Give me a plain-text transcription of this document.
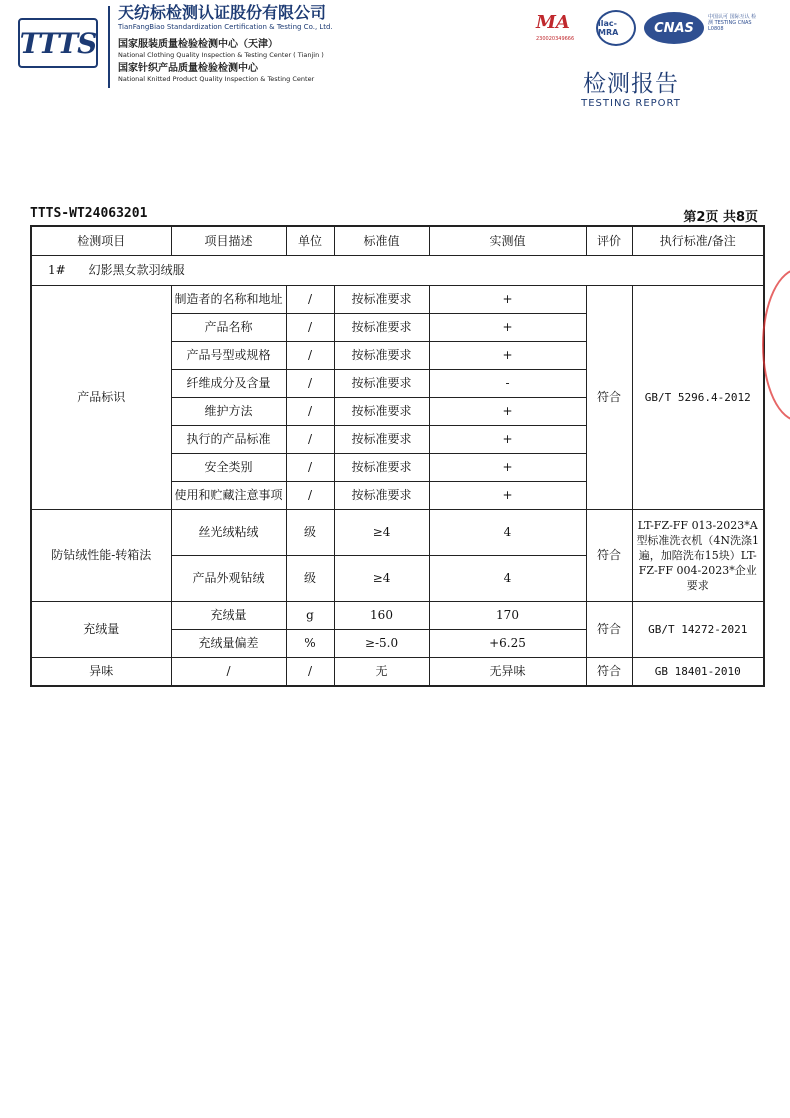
TTTS
天纺标检测认证股份有限公司
TianFangBiao Standardization Certification & Testing Co., Ltd.
国家服装质量检验检测中心（天津）
National Clothing Quality Inspection & Testing Center ( Tianjin )
国家针织产品质量检验检测中心
National Knitted Product Quality Inspection & Testing Center
MA
230020349666
ilac-MRA	CNAS
中国认可 国际互认 检测 TESTING CNAS L0808
检测报告
TESTING REPORT
TTTS-WT24063201	第2页 共8页
检测项目	项目描述	单位	标准值	实测值	评价	执行标准/备注
1#      幻影黑女款羽绒服						
产品标识	制造者的名称和地址	/	按标准要求	+	符合	GB/T 5296.4-2012
	产品名称	/	按标准要求	+		
	产品号型或规格	/	按标准要求	+		
	纤维成分及含量	/	按标准要求	-		
	维护方法	/	按标准要求	+		
	执行的产品标准	/	按标准要求	+		
	安全类别	/	按标准要求	+		
	使用和贮藏注意事项	/	按标准要求	+		
防钻绒性能-转箱法	丝光绒粘绒	级	≥4	4	符合	LT-FZ-FF 013-2023*A型标准洗衣机（4N洗涤1遍，加陪洗布15块）LT-FZ-FF 004-2023*企业要求
	产品外观钻绒	级	≥4	4		
充绒量	充绒量	g	160	170	符合	GB/T 14272-2021
	充绒量偏差	%	≥-5.0	+6.25		
异味	/	/	无	无异味	符合	GB 18401-2010
